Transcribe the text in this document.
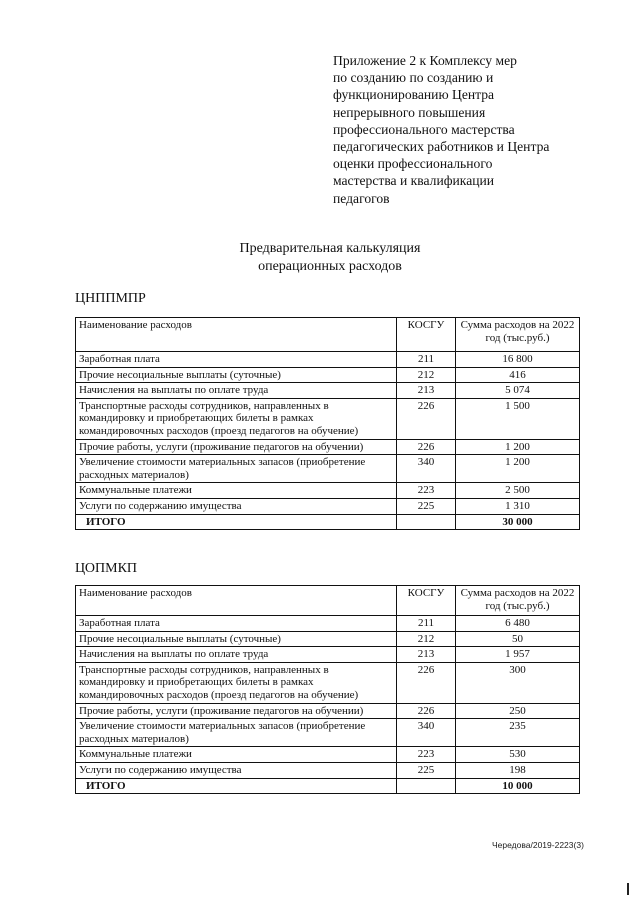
Приложение 2 к Комплексу мер
по созданию по созданию и
функционированию Центра
непрерывного повышения
профессионального мастерства
педагогических работников и Центра
оценки профессионального
мастерства и квалификации
педагогов
Предварительная калькуляция
операционных расходов
ЦНППМПР
Наименование расходов	КОСГУ	Сумма расходов на 2022 год (тыс.руб.)
Заработная плата	211	16 800
Прочие несоциальные выплаты (суточные)	212	416
Начисления на выплаты по оплате труда	213	5 074
Транспортные расходы сотрудников, направленных в командировку и приобретающих билеты в рамках командировочных расходов (проезд педагогов на обучение)	226	1 500
Прочие работы, услуги (проживание педагогов на обучении)	226	1 200
Увеличение стоимости материальных запасов (приобретение расходных материалов)	340	1 200
Коммунальные платежи	223	2 500
Услуги по содержанию имущества	225	1 310
ИТОГО		30 000
ЦОПМКП
Наименование расходов	КОСГУ	Сумма расходов на 2022 год (тыс.руб.)
Заработная плата	211	6 480
Прочие несоциальные выплаты (суточные)	212	50
Начисления на выплаты по оплате труда	213	1 957
Транспортные расходы сотрудников, направленных в командировку и приобретающих билеты в рамках командировочных расходов (проезд педагогов на обучение)	226	300
Прочие работы, услуги (проживание педагогов на обучении)	226	250
Увеличение стоимости материальных запасов (приобретение расходных материалов)	340	235
Коммунальные платежи	223	530
Услуги по содержанию имущества	225	198
ИТОГО		10 000
Чередова/2019-2223(3)
